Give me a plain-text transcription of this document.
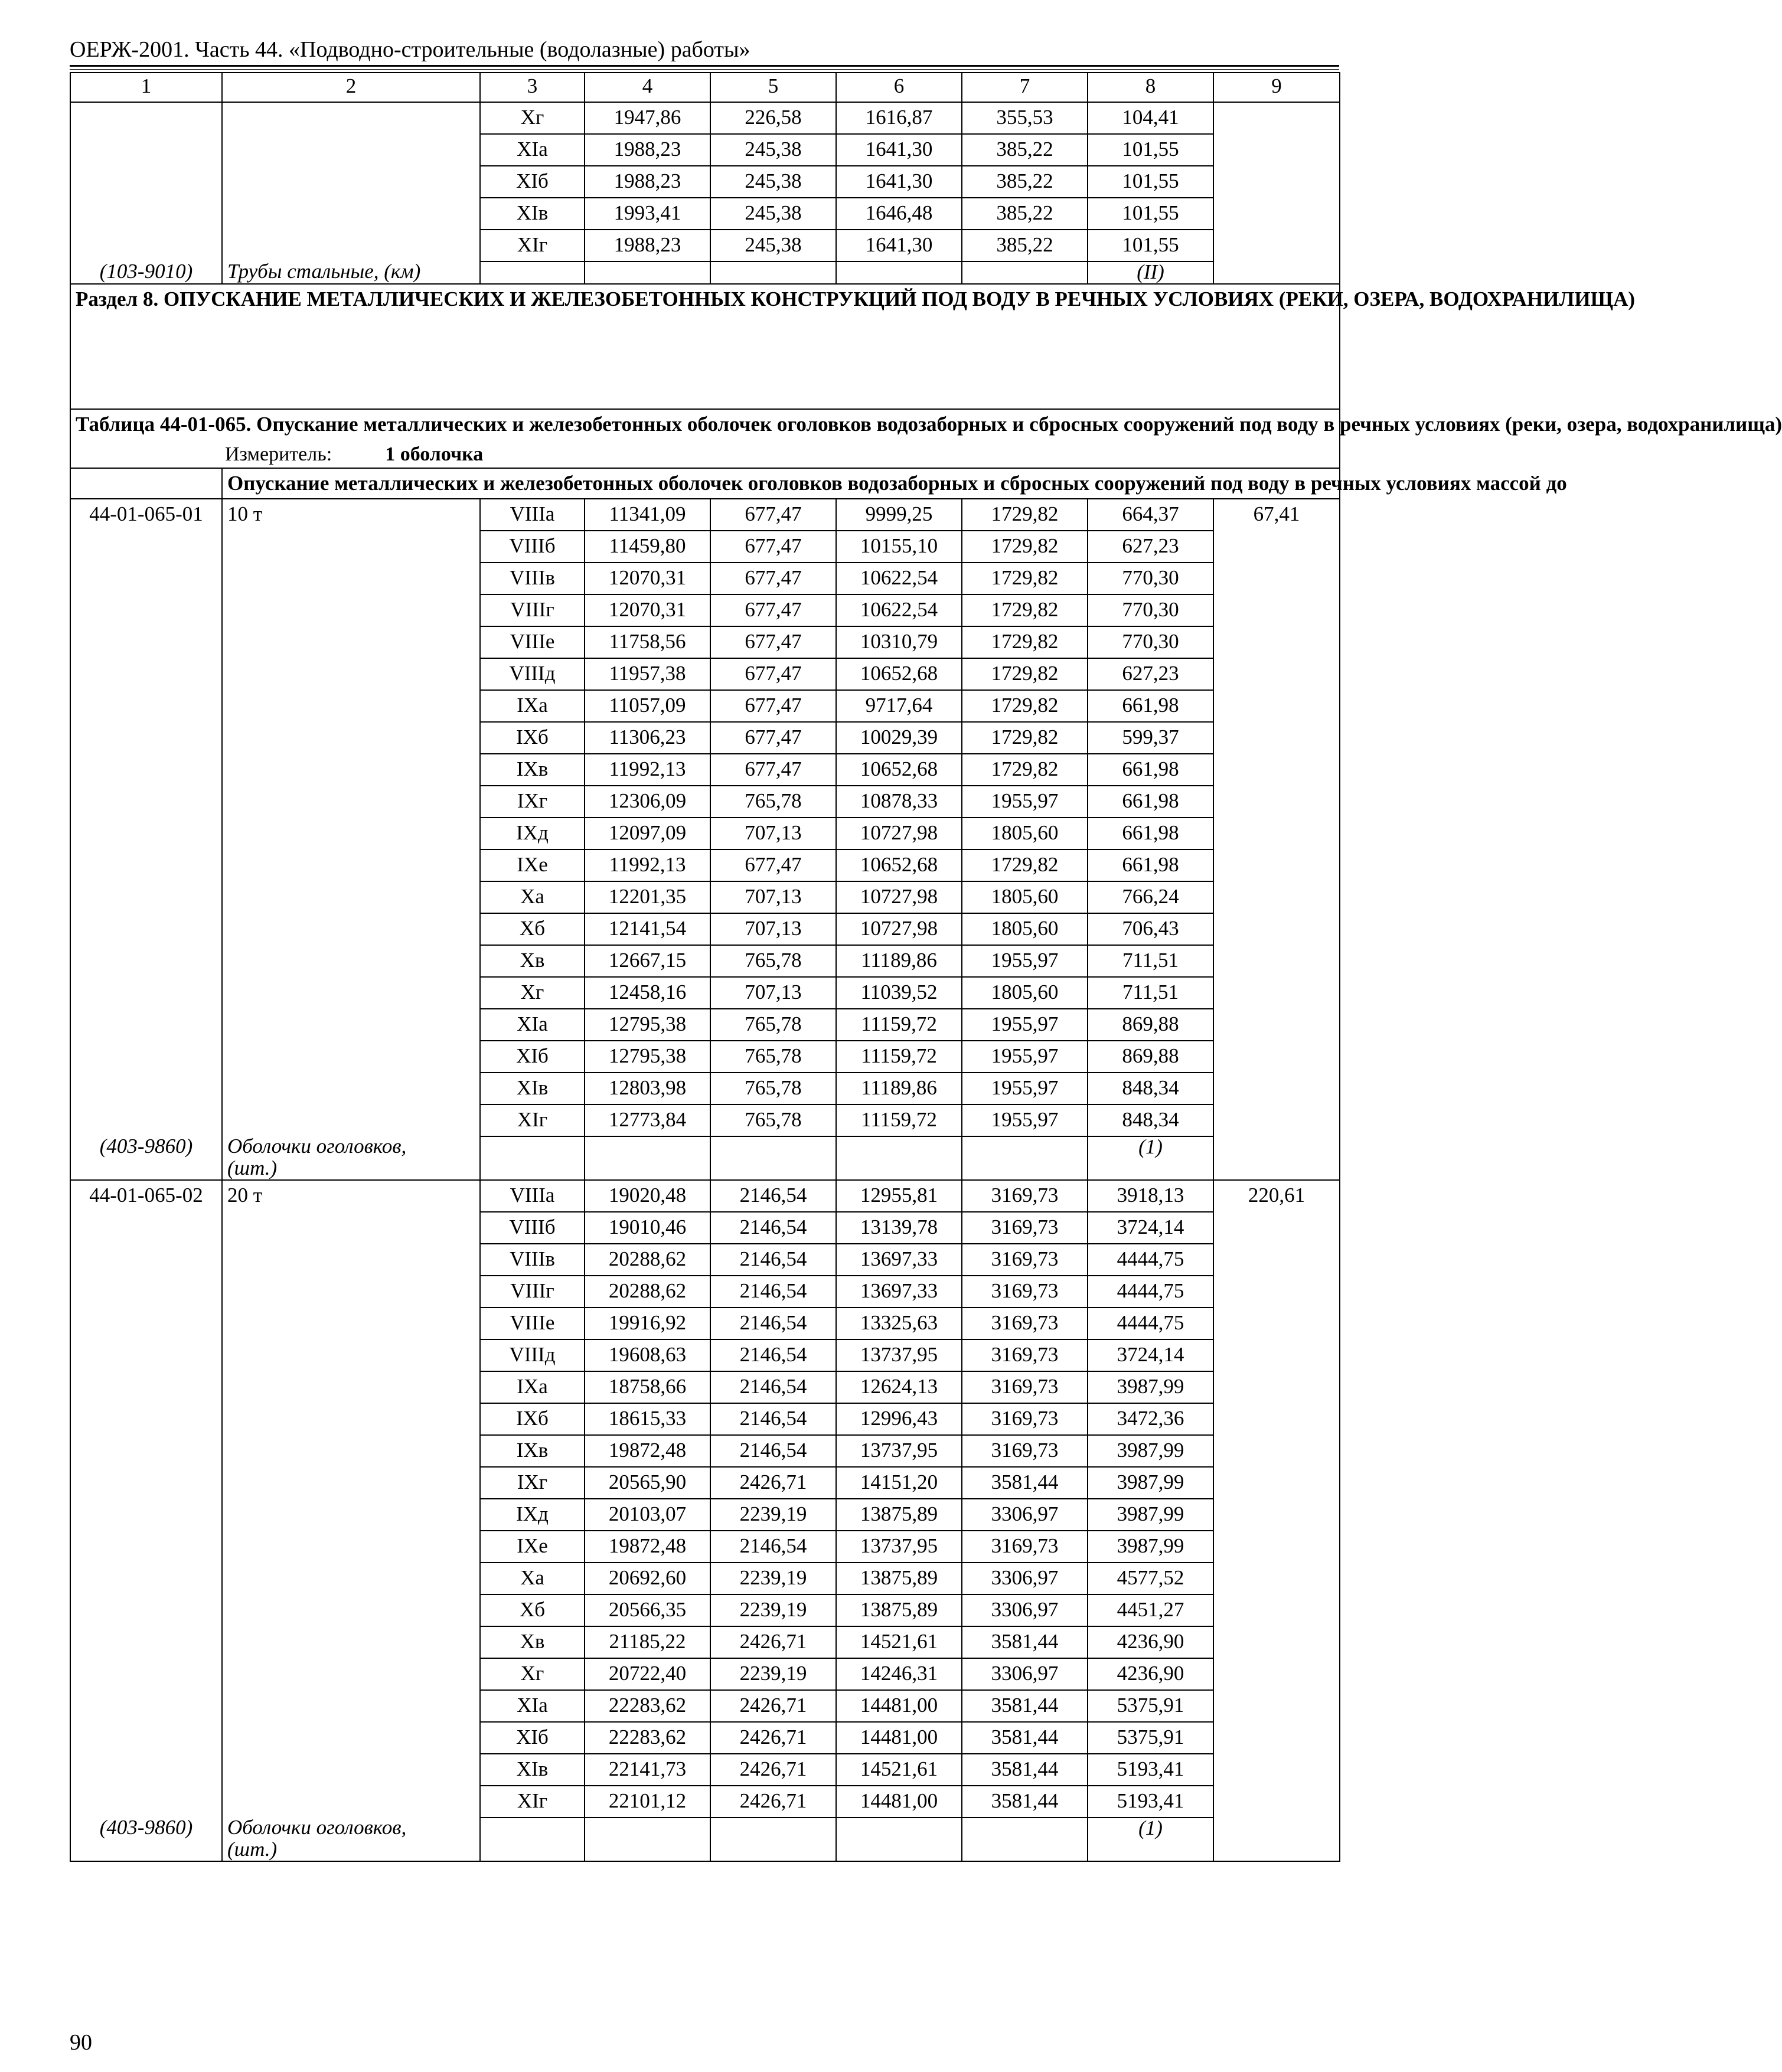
ОЕРЖ-2001. Часть 44. «Подводно-строительные (водолазные) работы»
1	2	3	4	5	6	7	8	9
		Xг	1947,86	226,58	1616,87	355,53	104,41	
		XIа	1988,23	245,38	1641,30	385,22	101,55	
		XIб	1988,23	245,38	1641,30	385,22	101,55	
		XIв	1993,41	245,38	1646,48	385,22	101,55	
		XIг	1988,23	245,38	1641,30	385,22	101,55	
(103-9010)	Трубы стальные, (км)						(II)	
Раздел 8. ОПУСКАНИЕ МЕТАЛЛИЧЕСКИХ И ЖЕЛЕЗОБЕТОННЫХ КОНСТРУКЦИЙ ПОД ВОДУ В РЕЧНЫХ УСЛОВИЯХ (РЕКИ, ОЗЕРА, ВОДОХРАНИЛИЩА)								

Таблица 44-01-065. Опускание металлических и железобетонных оболочек оголовков водозаборных и сбросных сооружений под воду в речных условиях (реки, озера, водохранилища)
Измеритель: 1 оболочка								

	Опускание металлических и железобетонных оболочек оголовков водозаборных и сбросных сооружений под воду в речных условиях массой до							
44-01-065-01	10 т	VIIIа	11341,09	677,47	9999,25	1729,82	664,37	67,41
		VIIIб	11459,80	677,47	10155,10	1729,82	627,23	
		VIIIв	12070,31	677,47	10622,54	1729,82	770,30	
		VIIIг	12070,31	677,47	10622,54	1729,82	770,30	
		VIIIе	11758,56	677,47	10310,79	1729,82	770,30	
		VIIIд	11957,38	677,47	10652,68	1729,82	627,23	
		IXа	11057,09	677,47	9717,64	1729,82	661,98	
		IXб	11306,23	677,47	10029,39	1729,82	599,37	
		IXв	11992,13	677,47	10652,68	1729,82	661,98	
		IXг	12306,09	765,78	10878,33	1955,97	661,98	
		IXд	12097,09	707,13	10727,98	1805,60	661,98	
		IXе	11992,13	677,47	10652,68	1729,82	661,98	
		Xа	12201,35	707,13	10727,98	1805,60	766,24	
		Xб	12141,54	707,13	10727,98	1805,60	706,43	
		Xв	12667,15	765,78	11189,86	1955,97	711,51	
		Xг	12458,16	707,13	11039,52	1805,60	711,51	
		XIа	12795,38	765,78	11159,72	1955,97	869,88	
		XIб	12795,38	765,78	11159,72	1955,97	869,88	
		XIв	12803,98	765,78	11189,86	1955,97	848,34	
		XIг	12773,84	765,78	11159,72	1955,97	848,34	
(403-9860)	Оболочки оголовков,						(1)	
	(шт.)							
44-01-065-02	20 т	VIIIа	19020,48	2146,54	12955,81	3169,73	3918,13	220,61
		VIIIб	19010,46	2146,54	13139,78	3169,73	3724,14	
		VIIIв	20288,62	2146,54	13697,33	3169,73	4444,75	
		VIIIг	20288,62	2146,54	13697,33	3169,73	4444,75	
		VIIIе	19916,92	2146,54	13325,63	3169,73	4444,75	
		VIIIд	19608,63	2146,54	13737,95	3169,73	3724,14	
		IXа	18758,66	2146,54	12624,13	3169,73	3987,99	
		IXб	18615,33	2146,54	12996,43	3169,73	3472,36	
		IXв	19872,48	2146,54	13737,95	3169,73	3987,99	
		IXг	20565,90	2426,71	14151,20	3581,44	3987,99	
		IXд	20103,07	2239,19	13875,89	3306,97	3987,99	
		IXе	19872,48	2146,54	13737,95	3169,73	3987,99	
		Xа	20692,60	2239,19	13875,89	3306,97	4577,52	
		Xб	20566,35	2239,19	13875,89	3306,97	4451,27	
		Xв	21185,22	2426,71	14521,61	3581,44	4236,90	
		Xг	20722,40	2239,19	14246,31	3306,97	4236,90	
		XIа	22283,62	2426,71	14481,00	3581,44	5375,91	
		XIб	22283,62	2426,71	14481,00	3581,44	5375,91	
		XIв	22141,73	2426,71	14521,61	3581,44	5193,41	
		XIг	22101,12	2426,71	14481,00	3581,44	5193,41	
(403-9860)	Оболочки оголовков,						(1)	
	(шт.)							
90
